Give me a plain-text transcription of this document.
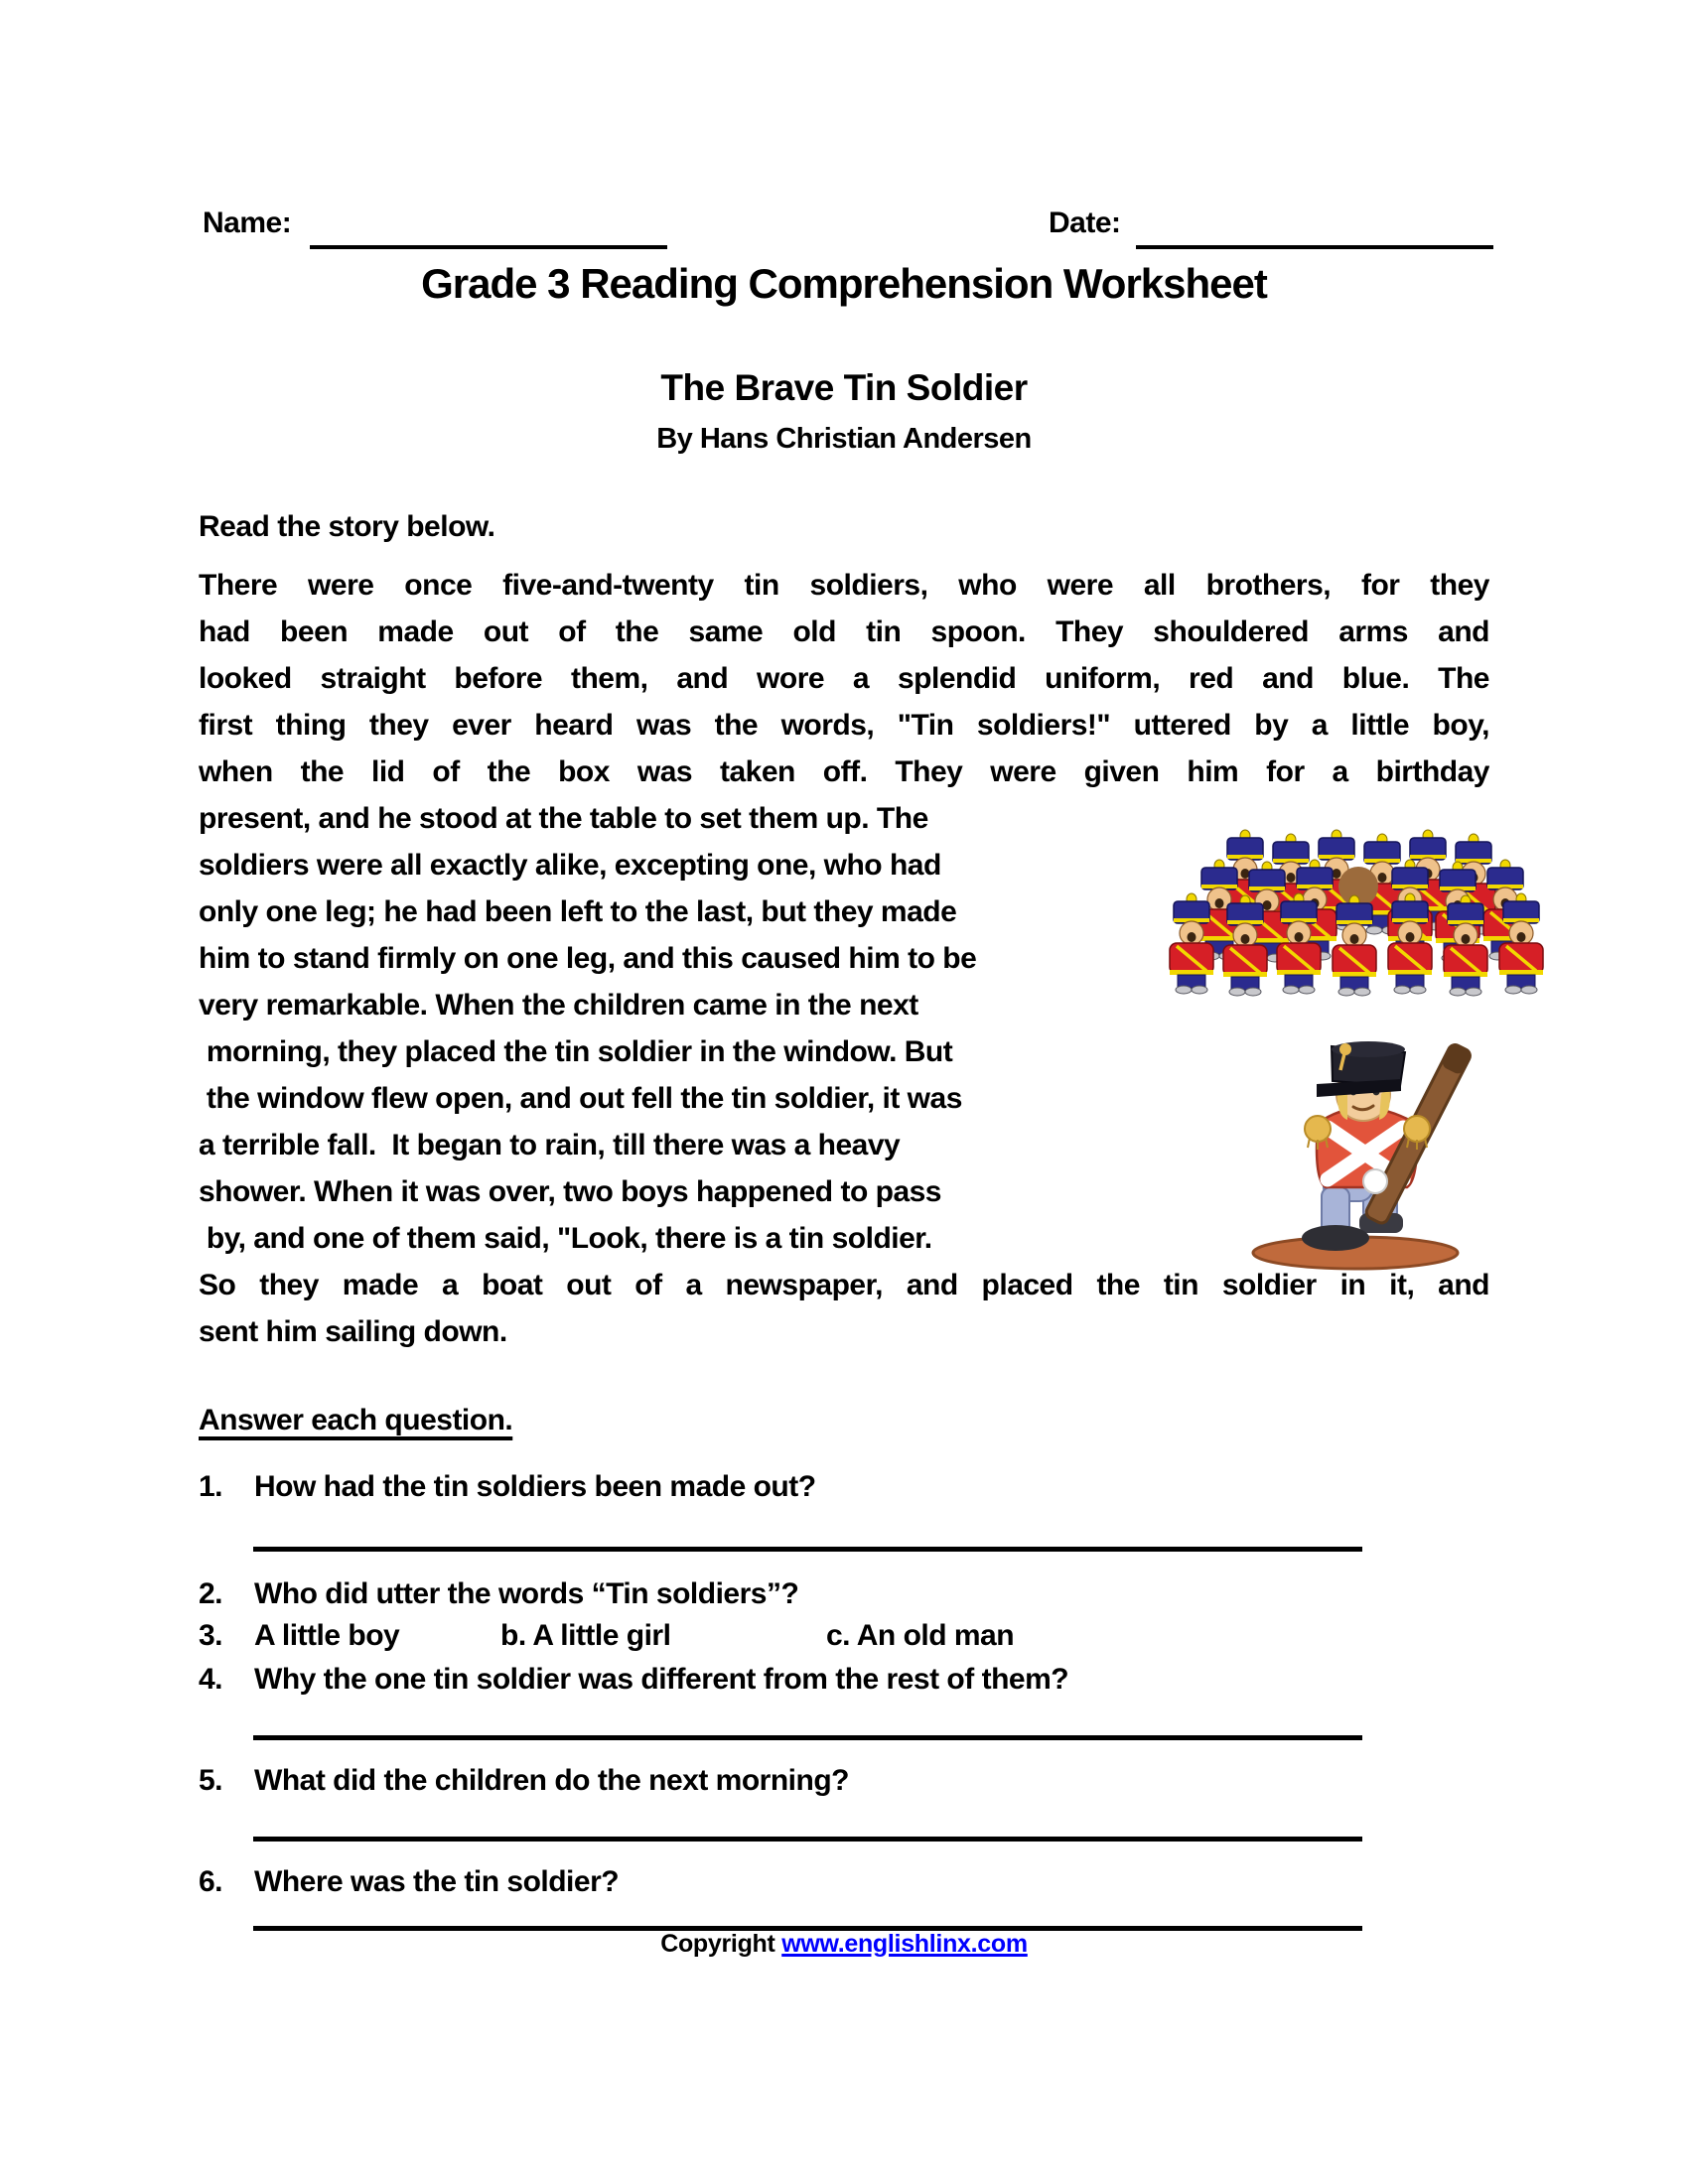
Name:	Date:
Grade 3 Reading Comprehension Worksheet
The Brave Tin Soldier
By Hans Christian Andersen
Read the story below.
There were once five-and-twenty tin soldiers, who were all brothers, for they
had been made out of the same old tin spoon. They shouldered arms and
looked straight before them, and wore a splendid uniform, red and blue. The
first thing they ever heard was the words, "Tin soldiers!" uttered by a little boy,
when the lid of the box was taken off. They were given him for a birthday
present, and he stood at the table to set them up. The
soldiers were all exactly alike, excepting one, who had
only one leg; he had been left to the last, but they made
him to stand firmly on one leg, and this caused him to be
very remarkable. When the children came in the next
morning, they placed the tin soldier in the window. But
the window flew open, and out fell the tin soldier, it was
a terrible fall.  It began to rain, till there was a heavy
shower. When it was over, two boys happened to pass
by, and one of them said, "Look, there is a tin soldier.
So they made a boat out of a newspaper, and placed the tin soldier in it, and
sent him sailing down.
Answer each question.
1. How had the tin soldiers been made out?
2. Who did utter the words “Tin soldiers”?
3. A little boy	b. A little girl	c. An old man
4. Why the one tin soldier was different from the rest of them?
5. What did the children do the next morning?
6. Where was the tin soldier?
Copyright www.englishlinx.com
